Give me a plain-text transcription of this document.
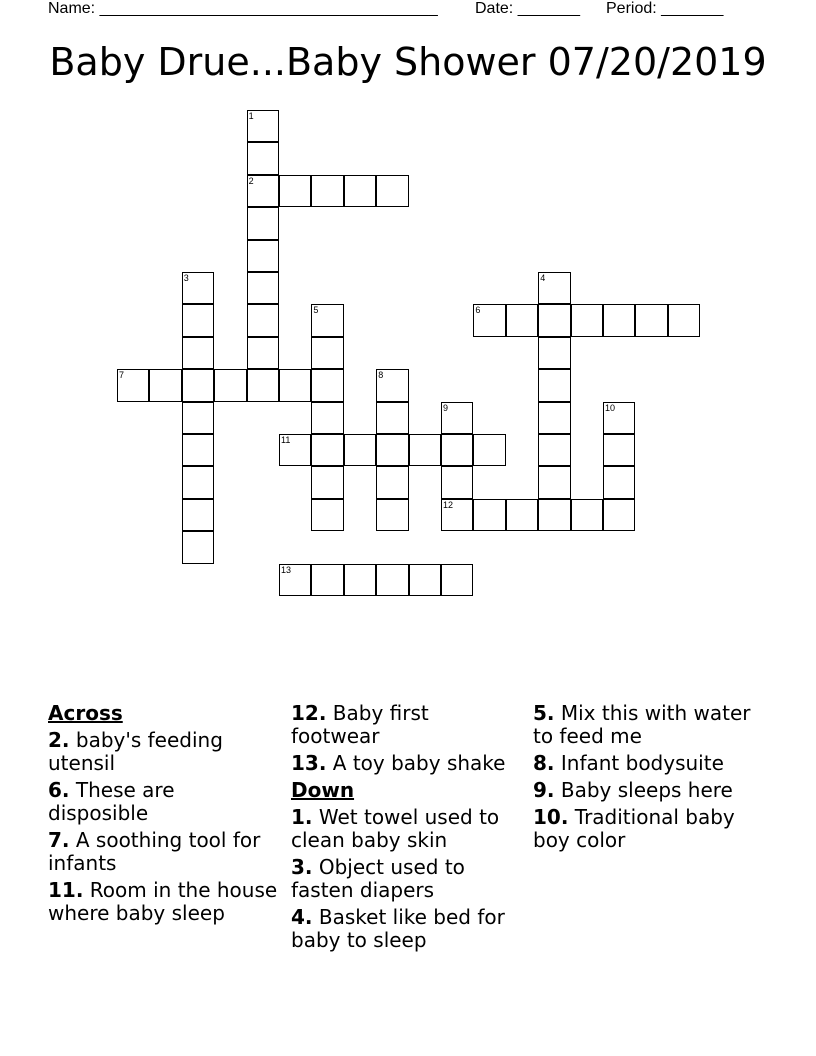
Name: ______________________________________ Date: _______ Period: _______
Baby Drue...Baby Shower 07/20/2019
1
2
3	4
5	6
7	8
9
12
10
11
13
Across
2. baby's feeding utensil
6. These are disposible
7. A soothing tool for infants
11. Room in the house where baby sleep
12. Baby first footwear
13. A toy baby shake
Down
1. Wet towel used to clean baby skin
3. Object used to fasten diapers
4. Basket like bed for baby to sleep
5. Mix this with water to feed me
8. Infant bodysuite
9. Baby sleeps here
10. Traditional baby boy color
